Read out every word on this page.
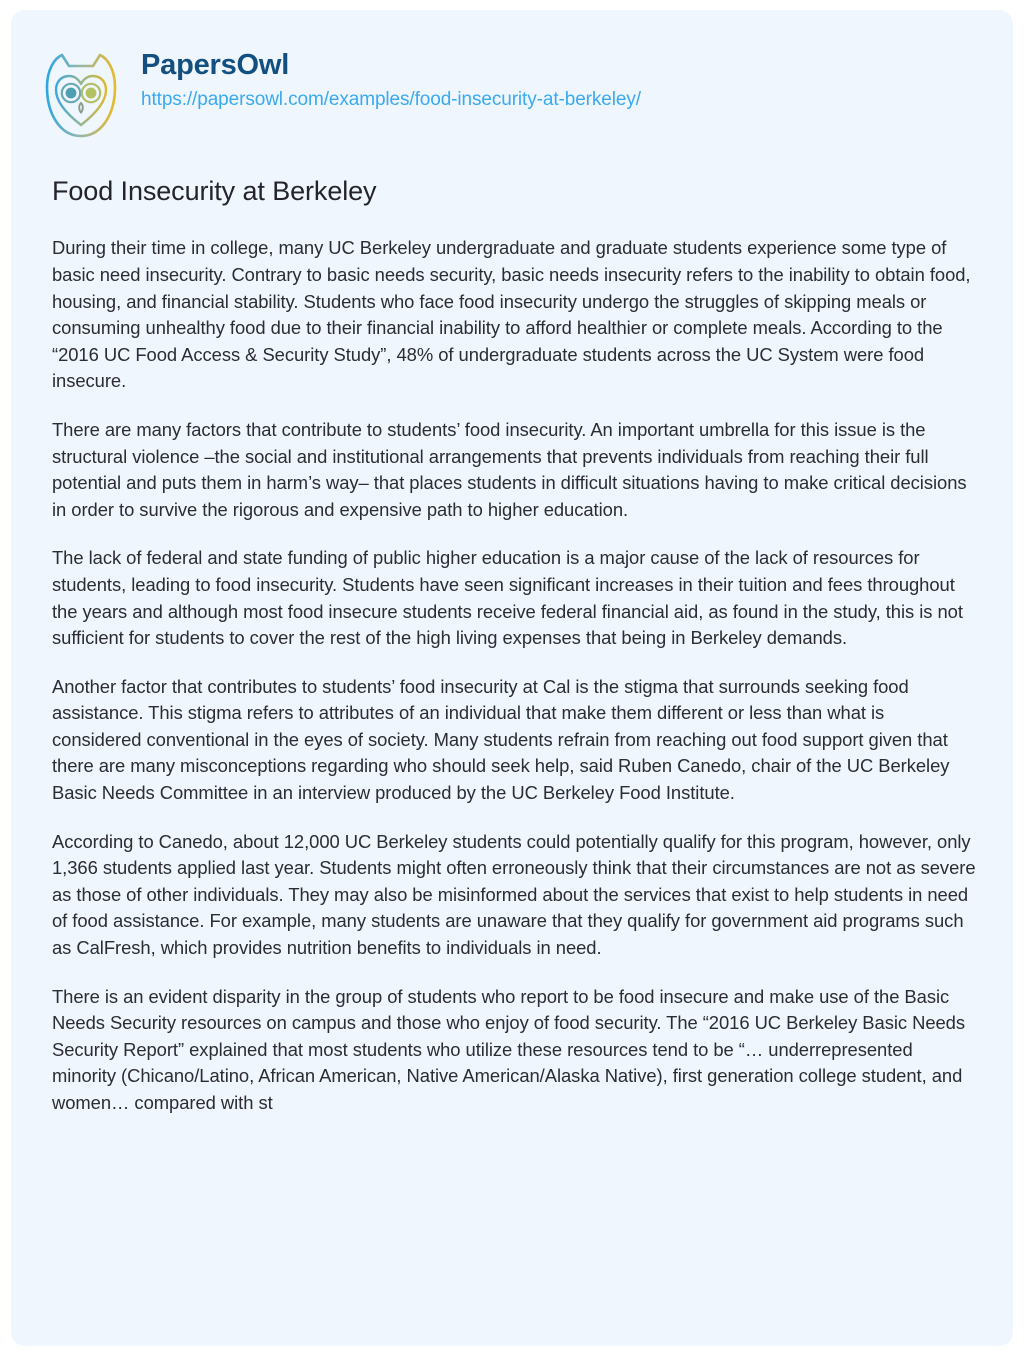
PapersOwl
https://papersowl.com/examples/food-insecurity-at-berkeley/
Food Insecurity at Berkeley

During their time in college, many UC Berkeley undergraduate and graduate students experience some type of basic need insecurity. Contrary to basic needs security, basic needs insecurity refers to the inability to obtain food, housing, and financial stability. Students who face food insecurity undergo the struggles of skipping meals or consuming unhealthy food due to their financial inability to afford healthier or complete meals. According to the “2016 UC Food Access & Security Study”, 48% of undergraduate students across the UC System were food insecure.

There are many factors that contribute to students’ food insecurity. An important umbrella for this issue is the structural violence –the social and institutional arrangements that prevents individuals from reaching their full potential and puts them in harm’s way– that places students in difficult situations having to make critical decisions in order to survive the rigorous and expensive path to higher education.

The lack of federal and state funding of public higher education is a major cause of the lack of resources for students, leading to food insecurity. Students have seen significant increases in their tuition and fees throughout the years and although most food insecure students receive federal financial aid, as found in the study, this is not sufficient for students to cover the rest of the high living expenses that being in Berkeley demands.

Another factor that contributes to students’ food insecurity at Cal is the stigma that surrounds seeking food assistance. This stigma refers to attributes of an individual that make them different or less than what is considered conventional in the eyes of society. Many students refrain from reaching out food support given that there are many misconceptions regarding who should seek help, said Ruben Canedo, chair of the UC Berkeley Basic Needs Committee in an interview produced by the UC Berkeley Food Institute.

According to Canedo, about 12,000 UC Berkeley students could potentially qualify for this program, however, only 1,366 students applied last year. Students might often erroneously think that their circumstances are not as severe as those of other individuals. They may also be misinformed about the services that exist to help students in need of food assistance. For example, many students are unaware that they qualify for government aid programs such as CalFresh, which provides nutrition benefits to individuals in need.

There is an evident disparity in the group of students who report to be food insecure and make use of the Basic Needs Security resources on campus and those who enjoy of food security. The “2016 UC Berkeley Basic Needs Security Report” explained that most students who utilize these resources tend to be “… underrepresented minority (Chicano/Latino, African American, Native American/Alaska Native), first generation college student, and women… compared with st
